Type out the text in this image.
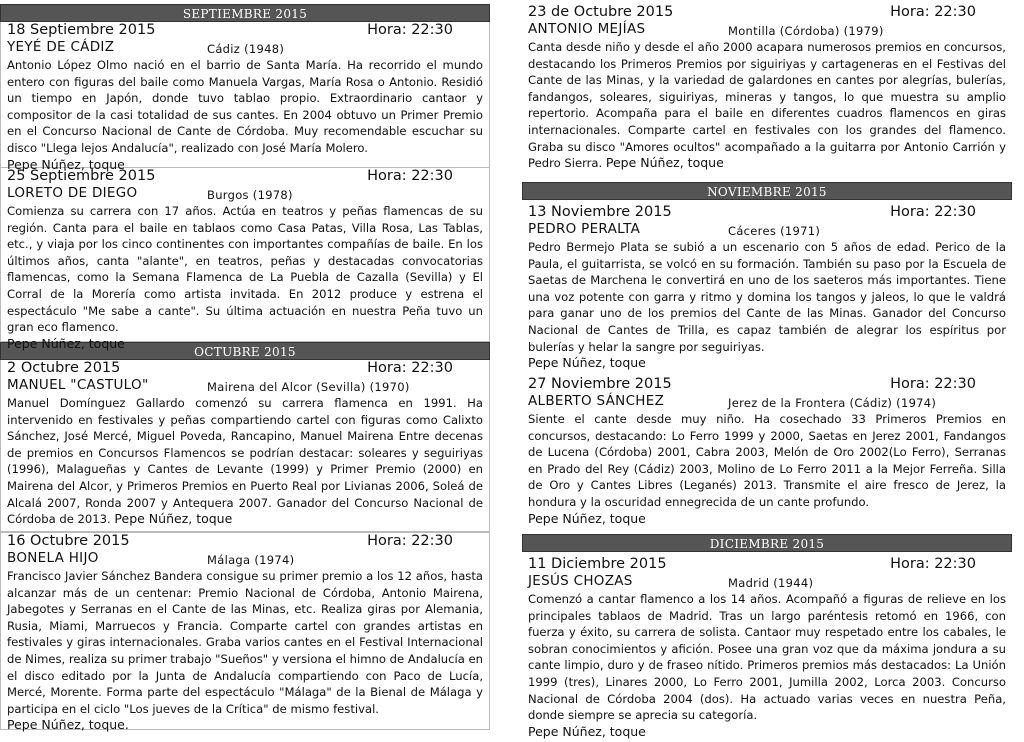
SEPTIEMBRE 2015
18 Septiembre 2015	Hora: 22:30
YEYÉ DE CÁDIZ	Cádiz (1948)
Antonio López Olmo nació en el barrio de Santa María. Ha recorrido el mundo entero con figuras del baile como Manuela Vargas, María Rosa o Antonio. Residió un tiempo en Japón, donde tuvo tablao propio. Extraordinario cantaor y compositor de la casi totalidad de sus cantes. En 2004 obtuvo un Primer Premio en el Concurso Nacional de Cante de Córdoba. Muy recomendable escuchar su disco "Llega lejos Andalucía", realizado con José María Molero.
Pepe Núñez, toque
25 Septiembre 2015	Hora: 22:30
LORETO DE DIEGO	Burgos (1978)
Comienza su carrera con 17 años. Actúa en teatros y peñas flamencas de su región. Canta para el baile en tablaos como Casa Patas, Villa Rosa, Las Tablas, etc., y viaja por los cinco continentes con importantes compañías de baile. En los últimos años, canta "alante", en teatros, peñas y destacadas convocatorias flamencas, como la Semana Flamenca de La Puebla de Cazalla (Sevilla) y El Corral de la Morería como artista invitada. En 2012 produce y estrena el espectáculo "Me sabe a cante". Su última actuación en nuestra Peña tuvo un gran eco flamenco.
Pepe Núñez, toque
OCTUBRE 2015
2 Octubre 2015	Hora: 22:30
MANUEL "CASTULO"	Mairena del Alcor (Sevilla) (1970)
Manuel Domínguez Gallardo comenzó su carrera flamenca en 1991. Ha intervenido en festivales y peñas compartiendo cartel con figuras como Calixto Sánchez, José Mercé, Miguel Poveda, Rancapino, Manuel Mairena Entre decenas de premios en Concursos Flamencos se podrían destacar: soleares y seguiriyas (1996), Malagueñas y Cantes de Levante (1999) y Primer Premio (2000) en Mairena del Alcor, y Primeros Premios en Puerto Real por Livianas 2006, Soleá de Alcalá 2007, Ronda 2007 y Antequera 2007. Ganador del Concurso Nacional de Córdoba de 2013. Pepe Núñez, toque
16 Octubre 2015	Hora: 22:30
BONELA HIJO	Málaga (1974)
Francisco Javier Sánchez Bandera consigue su primer premio a los 12 años, hasta alcanzar más de un centenar: Premio Nacional de Córdoba, Antonio Mairena, Jabegotes y Serranas en el Cante de las Minas, etc. Realiza giras por Alemania, Rusia, Miami, Marruecos y Francia. Comparte cartel con grandes artistas en festivales y giras internacionales. Graba varios cantes en el Festival Internacional de Nimes, realiza su primer trabajo "Sueños" y versiona el himno de Andalucía en el disco editado por la Junta de Andalucía compartiendo con Paco de Lucía, Mercé, Morente. Forma parte del espectáculo "Málaga" de la Bienal de Málaga y participa en el ciclo "Los jueves de la Crítica" de mismo festival.
Pepe Núñez, toque.
23 de Octubre 2015	Hora: 22:30
ANTONIO MEJÍAS	Montilla (Córdoba) (1979)
Canta desde niño y desde el año 2000 acapara numerosos premios en concursos, destacando los Primeros Premios por siguiriyas y cartageneras en el Festivas del Cante de las Minas, y la variedad de galardones en cantes por alegrías, bulerías, fandangos, soleares, siguiriyas, mineras y tangos, lo que muestra su amplio repertorio. Acompaña para el baile en diferentes cuadros flamencos en giras internacionales. Comparte cartel en festivales con los grandes del flamenco. Graba su disco "Amores ocultos" acompañado a la guitarra por Antonio Carrión y Pedro Sierra. Pepe Núñez, toque
NOVIEMBRE 2015
13 Noviembre 2015	Hora: 22:30
PEDRO PERALTA	Cáceres (1971)
Pedro Bermejo Plata se subió a un escenario con 5 años de edad. Perico de la Paula, el guitarrista, se volcó en su formación. También su paso por la Escuela de Saetas de Marchena le convertirá en uno de los saeteros más importantes. Tiene una voz potente con garra y ritmo y domina los tangos y jaleos, lo que le valdrá para ganar uno de los premios del Cante de las Minas. Ganador del Concurso Nacional de Cantes de Trilla, es capaz también de alegrar los espíritus por bulerías y helar la sangre por seguiriyas.
Pepe Núñez, toque
27 Noviembre 2015	Hora: 22:30
ALBERTO SÁNCHEZ	Jerez de la Frontera (Cádiz) (1974)
Siente el cante desde muy niño. Ha cosechado 33 Primeros Premios en concursos, destacando: Lo Ferro 1999 y 2000, Saetas en Jerez 2001, Fandangos de Lucena (Córdoba) 2001, Cabra 2003, Melón de Oro 2002(Lo Ferro), Serranas en Prado del Rey (Cádiz) 2003, Molino de Lo Ferro 2011 a la Mejor Ferreña. Silla de Oro y Cantes Libres (Leganés) 2013. Transmite el aire fresco de Jerez, la hondura y la oscuridad ennegrecida de un cante profundo.
Pepe Núñez, toque
DICIEMBRE 2015
11 Diciembre 2015	Hora: 22:30
JESÚS CHOZAS	Madrid (1944)
Comenzó a cantar flamenco a los 14 años. Acompañó a figuras de relieve en los principales tablaos de Madrid. Tras un largo paréntesis retomó en 1966, con fuerza y éxito, su carrera de solista. Cantaor muy respetado entre los cabales, le sobran conocimientos y afición. Posee una gran voz que da máxima jondura a su cante limpio, duro y de fraseo nítido. Primeros premios más destacados: La Unión 1999 (tres), Linares 2000, Lo Ferro 2001, Jumilla 2002, Lorca 2003. Concurso Nacional de Córdoba 2004 (dos). Ha actuado varias veces en nuestra Peña, donde siempre se aprecia su categoría.
Pepe Núñez, toque
